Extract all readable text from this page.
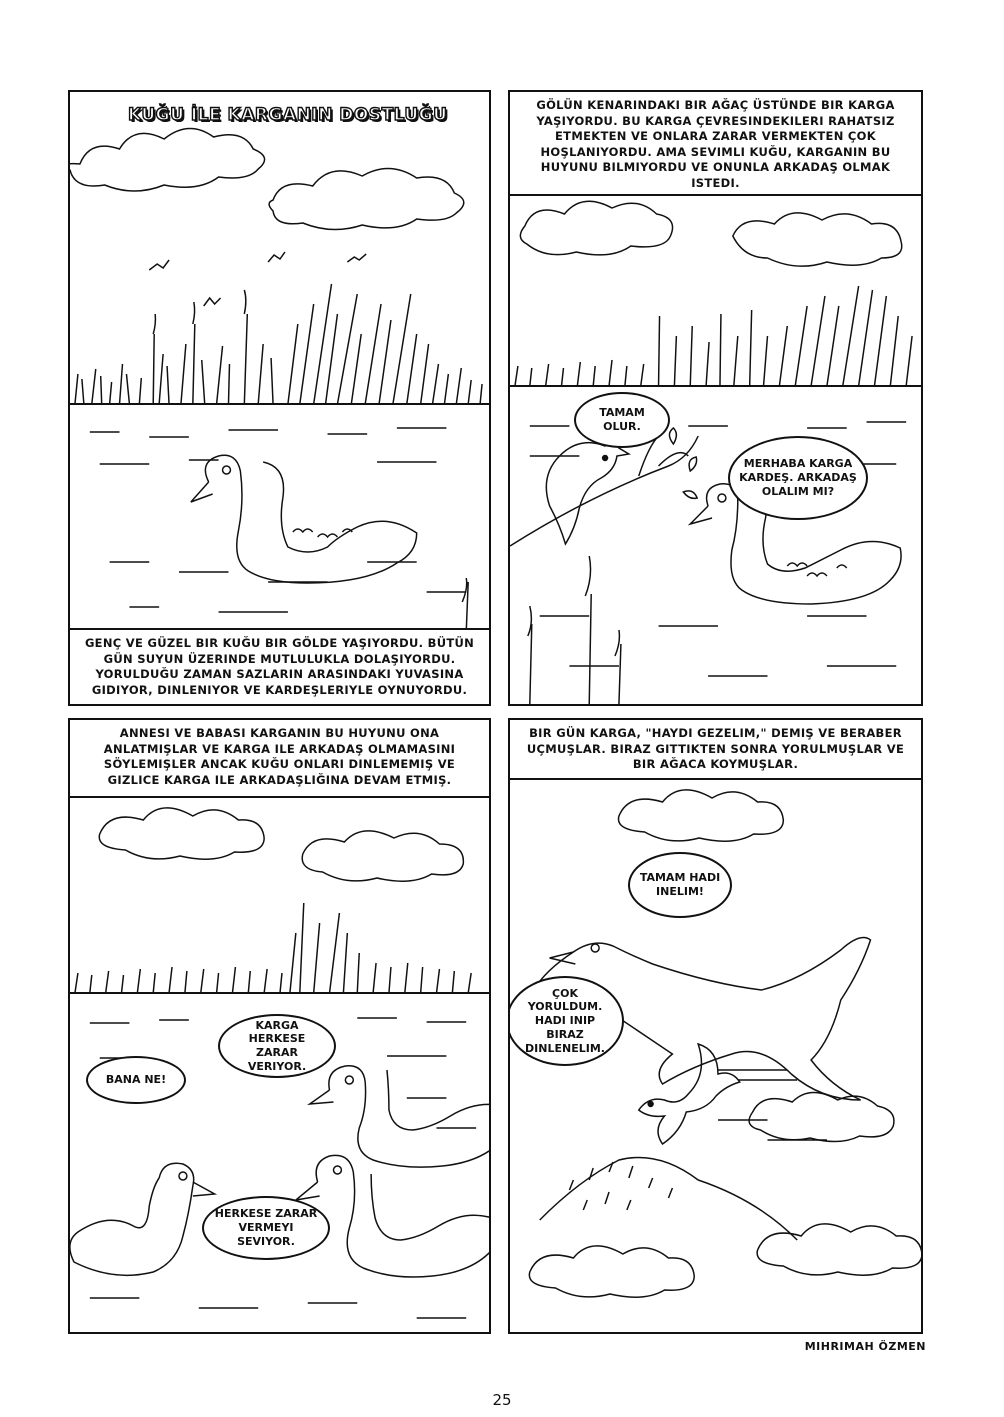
KUĞU İLE KARGANIN DOSTLUĞU
GENÇ VE GÜZEL BIR KUĞU BIR GÖLDE YAŞIYORDU. BÜTÜN GÜN SUYUN ÜZERINDE MUTLULUKLA DOLAŞIYORDU. YORULDUĞU ZAMAN SAZLARIN ARASINDAKI YUVASINA GIDIYOR, DINLENIYOR VE KARDEŞLERIYLE OYNUYORDU.
GÖLÜN KENARINDAKI BIR AĞAÇ ÜSTÜNDE BIR KARGA YAŞIYORDU. BU KARGA ÇEVRESINDEKILERI RAHATSIZ ETMEKTEN VE ONLARA ZARAR VERMEKTEN ÇOK HOŞLANIYORDU. AMA SEVIMLI KUĞU, KARGANIN BU HUYUNU BILMIYORDU VE ONUNLA ARKADAŞ OLMAK ISTEDI.
TAMAM OLUR.
MERHABA KARGA KARDEŞ. ARKADAŞ OLALIM MI?
ANNESI VE BABASI KARGANIN BU HUYUNU ONA ANLATMIŞLAR VE KARGA ILE ARKADAŞ OLMAMASINI SÖYLEMIŞLER ANCAK KUĞU ONLARI DINLEMEMIŞ VE GIZLICE KARGA ILE ARKADAŞLIĞINA DEVAM ETMIŞ.
KARGA HERKESE ZARAR VERIYOR.
BANA NE!
HERKESE ZARAR VERMEYI SEVIYOR.
BIR GÜN KARGA, "HAYDI GEZELIM," DEMIŞ VE BERABER UÇMUŞLAR. BIRAZ GITTIKTEN SONRA YORULMUŞLAR VE BIR AĞACA KOYMUŞLAR.
TAMAM HADI INELIM!
ÇOK YORULDUM. HADI INIP BIRAZ DINLENELIM.
MIHRIMAH ÖZMEN
25
